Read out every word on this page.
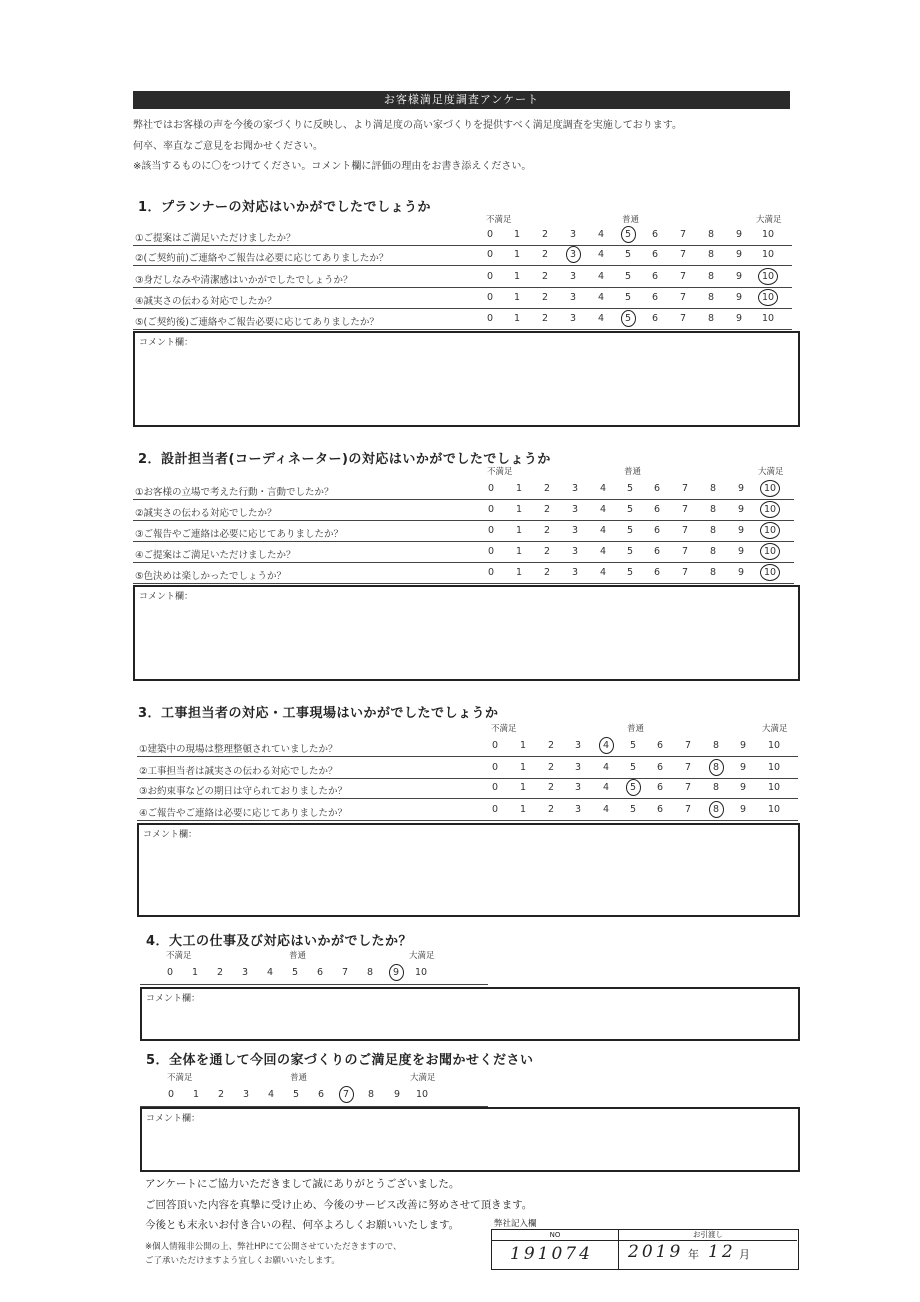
お客様満足度調査アンケート
弊社ではお客様の声を今後の家づくりに反映し、より満足度の高い家づくりを提供すべく満足度調査を実施しております。
何卒、率直なご意見をお聞かせください。
※該当するものに〇をつけてください。コメント欄に評価の理由をお書き添えください。
アンケートにご協力いただきまして誠にありがとうございました。
ご回答頂いた内容を真摯に受け止め、今後のサービス改善に努めさせて頂きます。
今後とも末永いお付き合いの程、何卒よろしくお願いいたします。
※個人情報非公開の上、弊社HPにて公開させていただきますので、
ご了承いただけますよう宜しくお願いいたします。
弊社記入欄
NO	お引渡し
191074 2019 年 12 月
1．プランナーの対応はいかがでしたでしょうか
不満足	普通	大満足
①ご提案はご満足いただけましたか？	0	1	2	3	4	5	6	7	8	9	10
②(ご契約前)ご連絡やご報告は必要に応じてありましたか？	0	1	2	3	4	5	6	7	8	9	10
③身だしなみや清潔感はいかがでしたでしょうか？	0	1	2	3	4	5	6	7	8	9	10
④誠実さの伝わる対応でしたか？	0	1	2	3	4	5	6	7	8	9	10
⑤(ご契約後)ご連絡やご報告必要に応じてありましたか？	0	1	2	3	4	5	6	7	8	9	10
コメント欄：
2．設計担当者(コーディネーター)の対応はいかがでしたでしょうか
不満足	普通	大満足
①お客様の立場で考えた行動・言動でしたか？	0	1	2	3	4	5	6	7	8	9	10
②誠実さの伝わる対応でしたか？	0	1	2	3	4	5	6	7	8	9	10
③ご報告やご連絡は必要に応じてありましたか？	0	1	2	3	4	5	6	7	8	9	10
④ご提案はご満足いただけましたか？	0	1	2	3	4	5	6	7	8	9	10
⑤色決めは楽しかったでしょうか？	0	1	2	3	4	5	6	7	8	9	10
コメント欄：
3．工事担当者の対応・工事現場はいかがでしたでしょうか
不満足	普通	大満足
①建築中の現場は整理整頓されていましたか？	0	1	2	3	4	5	6	7	8	9	10
②工事担当者は誠実さの伝わる対応でしたか？	0	1	2	3	4	5	6	7	8	9	10
③お約束事などの期日は守られておりましたか？	0	1	2	3	4	5	6	7	8	9	10
④ご報告やご連絡は必要に応じてありましたか？	0	1	2	3	4	5	6	7	8	9	10
コメント欄：
4．大工の仕事及び対応はいかがでしたか？
不満足	普通	大満足
0	1	2	3	4	5	6	7	8	9	10
コメント欄：
5．全体を通して今回の家づくりのご満足度をお聞かせください
不満足	普通	大満足
0	1	2	3	4	5	6	7	8	9	10
コメント欄：
